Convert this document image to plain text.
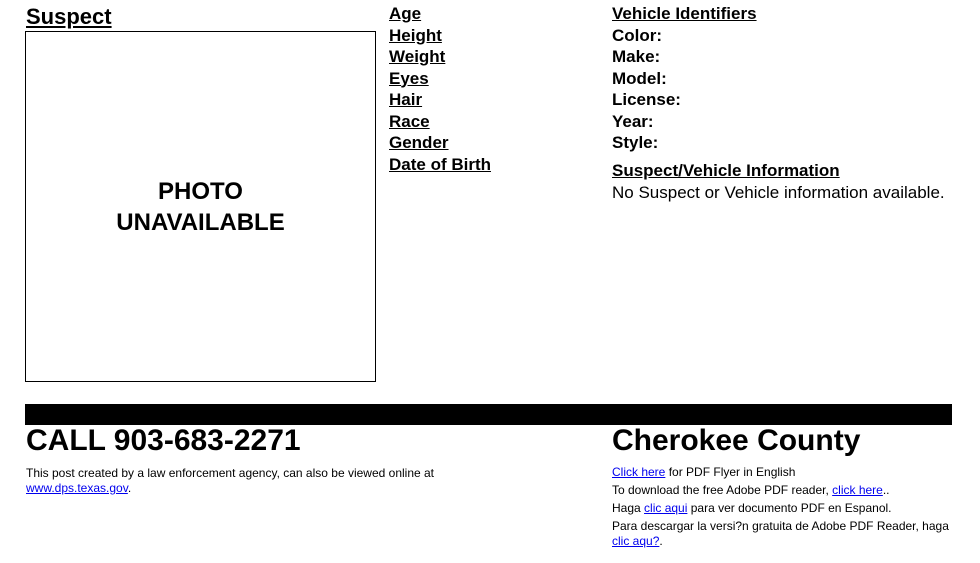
Suspect
PHOTO
UNAVAILABLE
Age
Height
Weight
Eyes
Hair
Race
Gender
Date of Birth
Vehicle Identifiers
Color:
Make:
Model:
License:
Year:
Style:
Suspect/Vehicle Information
No Suspect or Vehicle information available.
CALL 903-683-2271	Cherokee County
This post created by a law enforcement agency, can also be viewed online at www.dps.texas.gov.

Click here for PDF Flyer in English

To download the free Adobe PDF reader, click here..

Haga clic aqui para ver documento PDF en Espanol.

Para descargar la versi?n gratuita de Adobe PDF Reader, haga clic aqu?.
